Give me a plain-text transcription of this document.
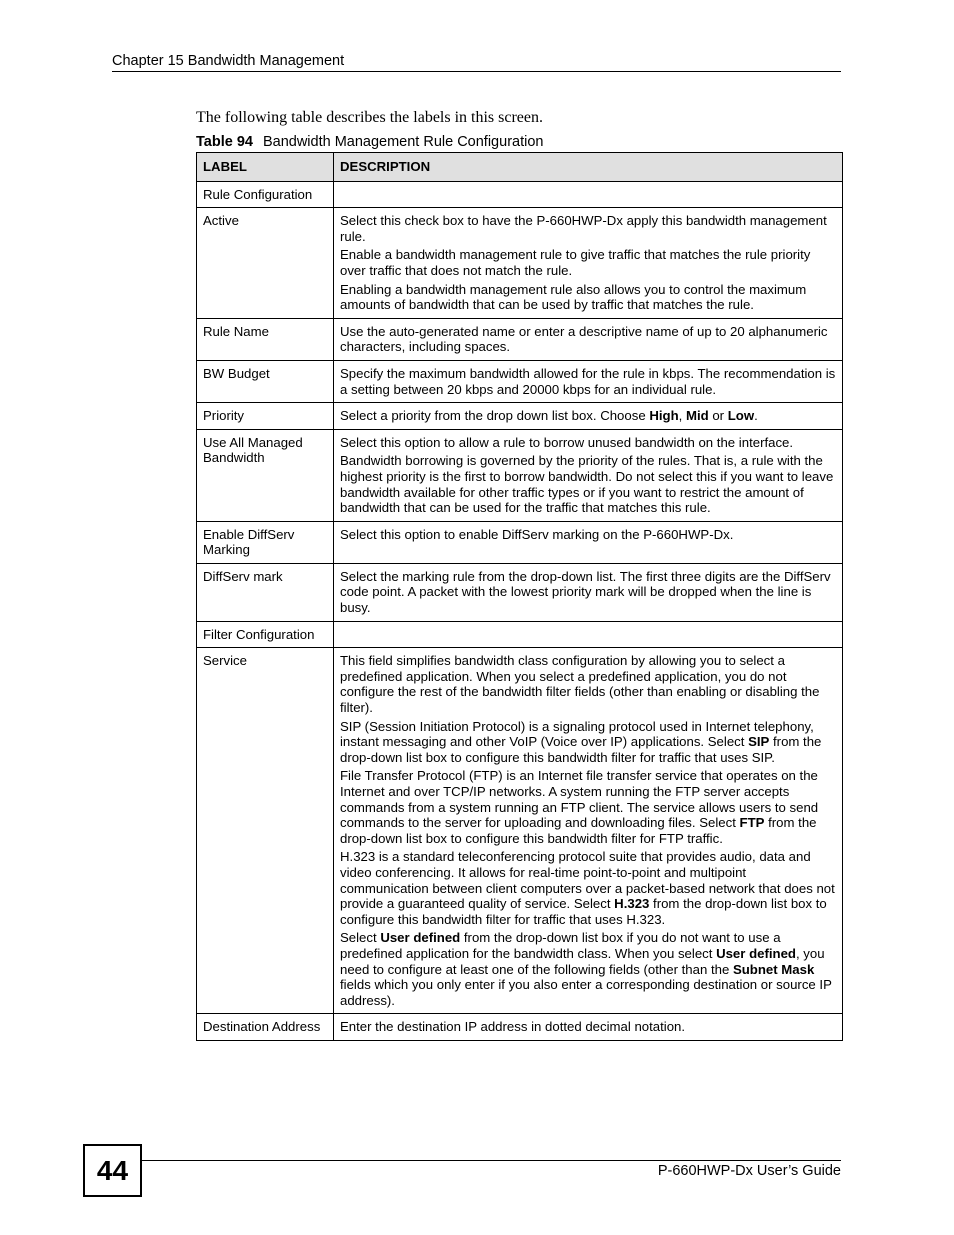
Chapter 15 Bandwidth Management
The following table describes the labels in this screen.
Table 94 Bandwidth Management Rule Configuration
LABEL	DESCRIPTION
Rule Configuration	
Active	Select this check box to have the P-660HWP-Dx apply this bandwidth management rule.

Enable a bandwidth management rule to give traffic that matches the rule priority over traffic that does not match the rule.

Enabling a bandwidth management rule also allows you to control the maximum amounts of bandwidth that can be used by traffic that matches the rule.

Rule Name	Use the auto-generated name or enter a descriptive name of up to 20 alphanumeric characters, including spaces.

BW Budget	Specify the maximum bandwidth allowed for the rule in kbps. The recommendation is a setting between 20 kbps and 20000 kbps for an individual rule.

Priority	Select a priority from the drop down list box. Choose High, Mid or Low.

Use All Managed Bandwidth	Select this option to allow a rule to borrow unused bandwidth on the interface.

Bandwidth borrowing is governed by the priority of the rules. That is, a rule with the highest priority is the first to borrow bandwidth. Do not select this if you want to leave bandwidth available for other traffic types or if you want to restrict the amount of bandwidth that can be used for the traffic that matches this rule.

Enable DiffServ Marking	Select this option to enable DiffServ marking on the P-660HWP-Dx.

DiffServ mark	Select the marking rule from the drop-down list. The first three digits are the DiffServ code point. A packet with the lowest priority mark will be dropped when the line is busy.

Filter Configuration	
Service	This field simplifies bandwidth class configuration by allowing you to select a predefined application. When you select a predefined application, you do not configure the rest of the bandwidth filter fields (other than enabling or disabling the filter).

SIP (Session Initiation Protocol) is a signaling protocol used in Internet telephony, instant messaging and other VoIP (Voice over IP) applications. Select SIP from the drop-down list box to configure this bandwidth filter for traffic that uses SIP.

File Transfer Protocol (FTP) is an Internet file transfer service that operates on the Internet and over TCP/IP networks. A system running the FTP server accepts commands from a system running an FTP client. The service allows users to send commands to the server for uploading and downloading files. Select FTP from the drop-down list box to configure this bandwidth filter for FTP traffic.

H.323 is a standard teleconferencing protocol suite that provides audio, data and video conferencing. It allows for real-time point-to-point and multipoint communication between client computers over a packet-based network that does not provide a guaranteed quality of service. Select H.323 from the drop-down list box to configure this bandwidth filter for traffic that uses H.323.

Select User defined from the drop-down list box if you do not want to use a predefined application for the bandwidth class. When you select User defined, you need to configure at least one of the following fields (other than the Subnet Mask fields which you only enter if you also enter a corresponding destination or source IP address).

Destination Address	Enter the destination IP address in dotted decimal notation.

44	P-660HWP-Dx User’s Guide
